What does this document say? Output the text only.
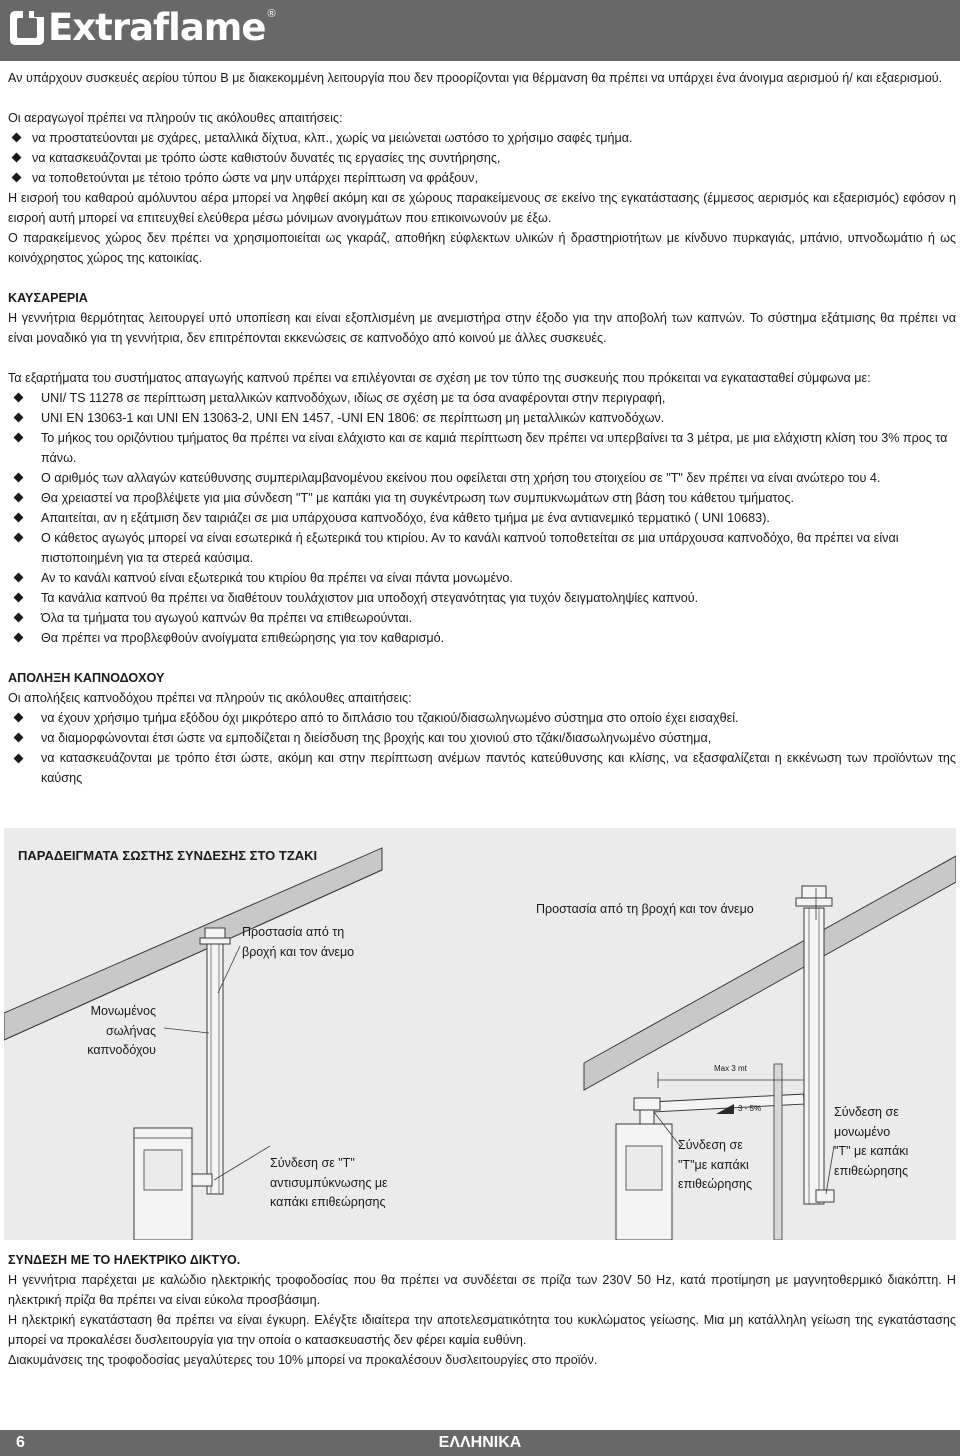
Extraflame ®

Αν υπάρχουν συσκευές αερίου τύπου Β με διακεκομμένη λειτουργία που δεν προορίζονται για θέρμανση θα πρέπει να υπάρχει ένα άνοιγμα αερισμού ή/ και εξαερισμού.

Οι αεραγωγοί πρέπει να πληρούν τις ακόλουθες απαιτήσεις:

να προστατεύονται με σχάρες, μεταλλικά δίχτυα, κλπ., χωρίς να μειώνεται ωστόσο το χρήσιμο σαφές τμήμα.
να κατασκευάζονται με τρόπο ώστε καθιστούν δυνατές τις εργασίες της συντήρησης,
να τοποθετούνται με τέτοιο τρόπο ώστε να μην υπάρχει περίπτωση να φράξουν,

Η εισροή του καθαρού αμόλυντου αέρα μπορεί να ληφθεί ακόμη και σε χώρους παρακείμενους σε εκείνο της εγκατάστασης (έμμεσος αερισμός και εξαερισμός) εφόσον η εισροή αυτή μπορεί να επιτευχθεί ελεύθερα μέσω μόνιμων ανοιγμάτων που επικοινωνούν με έξω.

Ο παρακείμενος χώρος δεν πρέπει να χρησιμοποιείται ως γκαράζ, αποθήκη εύφλεκτων υλικών ή δραστηριοτήτων με κίνδυνο πυρκαγιάς, μπάνιο, υπνοδωμάτιο ή ως κοινόχρηστος χώρος της κατοικίας.

ΚΑΥΣΑΡΕΡΙΑ

Η γεννήτρια θερμότητας λειτουργεί υπό υποπίεση και είναι εξοπλισμένη με ανεμιστήρα στην έξοδο για την αποβολή των καπνών. Το σύστημα εξάτμισης θα πρέπει να είναι μοναδικό για τη γεννήτρια, δεν επιτρέπονται εκκενώσεις σε καπνοδόχο από κοινού με άλλες συσκευές.

Τα εξαρτήματα του συστήματος απαγωγής καπνού πρέπει να επιλέγονται σε σχέση με τον τύπο της συσκευής που πρόκειται να εγκατασταθεί σύμφωνα με:

UNI/ TS 11278 σε περίπτωση μεταλλικών καπνοδόχων, ιδίως σε σχέση με τα όσα αναφέρονται στην περιγραφή,
UNI EN 13063-1 και UNI EN 13063-2, UNI EN 1457, -UNI EN 1806: σε περίπτωση μη μεταλλικών καπνοδόχων.
Το μήκος του οριζόντιου τμήματος θα πρέπει να είναι ελάχιστο και σε καμιά περίπτωση δεν πρέπει να υπερβαίνει τα 3 μέτρα, με μια ελάχιστη κλίση του 3% προς τα πάνω.
Ο αριθμός των αλλαγών κατεύθυνσης συμπεριλαμβανομένου εκείνου που οφείλεται στη χρήση του στοιχείου σε "T" δεν πρέπει να είναι ανώτερο του 4.
Θα χρειαστεί να προβλέψετε για μια σύνδεση "T" με καπάκι για τη συγκέντρωση των συμπυκνωμάτων στη βάση του κάθετου τμήματος.
Απαιτείται, αν η εξάτμιση δεν ταιριάζει σε μια υπάρχουσα καπνοδόχο, ένα κάθετο τμήμα με ένα αντιανεμικό τερματικό ( UNI 10683).
Ο κάθετος αγωγός μπορεί να είναι εσωτερικά ή εξωτερικά του κτιρίου. Αν το κανάλι καπνού τοποθετείται σε μια υπάρχουσα καπνοδόχο, θα πρέπει να είναι πιστοποιημένη για τα στερεά καύσιμα.
Αν το κανάλι καπνού είναι εξωτερικά του κτιρίου θα πρέπει να είναι πάντα μονωμένο.
Τα κανάλια καπνού θα πρέπει να διαθέτουν τουλάχιστον μια υποδοχή στεγανότητας για τυχόν δειγματοληψίες καπνού.
Όλα τα τμήματα του αγωγού καπνών θα πρέπει να επιθεωρούνται.
Θα πρέπει να προβλεφθούν ανοίγματα επιθεώρησης για τον καθαρισμό.

ΑΠΟΛΗΞΗ ΚΑΠΝΟΔΟΧΟΥ

Οι απολήξεις καπνοδόχου πρέπει να πληρούν τις ακόλουθες απαιτήσεις:

να έχουν χρήσιμο τμήμα εξόδου όχι μικρότερο από το διπλάσιο του τζακιού/διασωληνωμένο σύστημα στο οποίο έχει εισαχθεί.
να διαμορφώνονται έτσι ώστε να εμποδίζεται η διείσδυση της βροχής και του χιονιού στο τζάκι/διασωληνωμένο σύστημα,

να κατασκευάζονται με τρόπο έτσι ώστε, ακόμη και στην περίπτωση ανέμων παντός κατεύθυνσης και κλίσης, να εξασφαλίζεται η εκκένωση των προϊόντων της καύσης

ΠΑΡΑΔΕΙΓΜΑΤΑ ΣΩΣΤΗΣ ΣΥΝΔΕΣΗΣ ΣΤΟ ΤΖΑΚΙ
Προστασία από τη βροχή και τον άνεμο
Προστασία από τη
βροχή και τον άνεμο
Μονωμένος
σωλήνας
καπνοδόχου
Σύνδεση σε "T"
αντισυμπύκνωσης με
καπάκι επιθεώρησης
Σύνδεση σε
"T"με καπάκι
επιθεώρησης
Σύνδεση σε
μονωμένο
"T" με καπάκι
επιθεώρησης
Max 3 mt
3 - 5%

ΣΥΝΔΕΣΗ ΜΕ ΤΟ ΗΛΕΚΤΡΙΚΟ ΔΙΚΤΥΟ.

Η γεννήτρια παρέχεται με καλώδιο ηλεκτρικής τροφοδοσίας που θα πρέπει να συνδέεται σε πρίζα των 230V 50 Hz, κατά προτίμηση με μαγνητοθερμικό διακόπτη. Η ηλεκτρική πρίζα θα πρέπει να είναι εύκολα προσβάσιμη.

Η ηλεκτρική εγκατάσταση θα πρέπει να είναι έγκυρη. Ελέγξτε ιδιαίτερα την αποτελεσματικότητα του κυκλώματος γείωσης. Μια μη κατάλληλη γείωση της εγκατάστασης μπορεί να προκαλέσει δυσλειτουργία για την οποία ο κατασκευαστής δεν φέρει καμία ευθύνη.

Διακυμάνσεις της τροφοδοσίας μεγαλύτερες του 10% μπορεί να προκαλέσουν δυσλειτουργίες στο προϊόν.

6	ΕΛΛΗΝΙΚΑ
